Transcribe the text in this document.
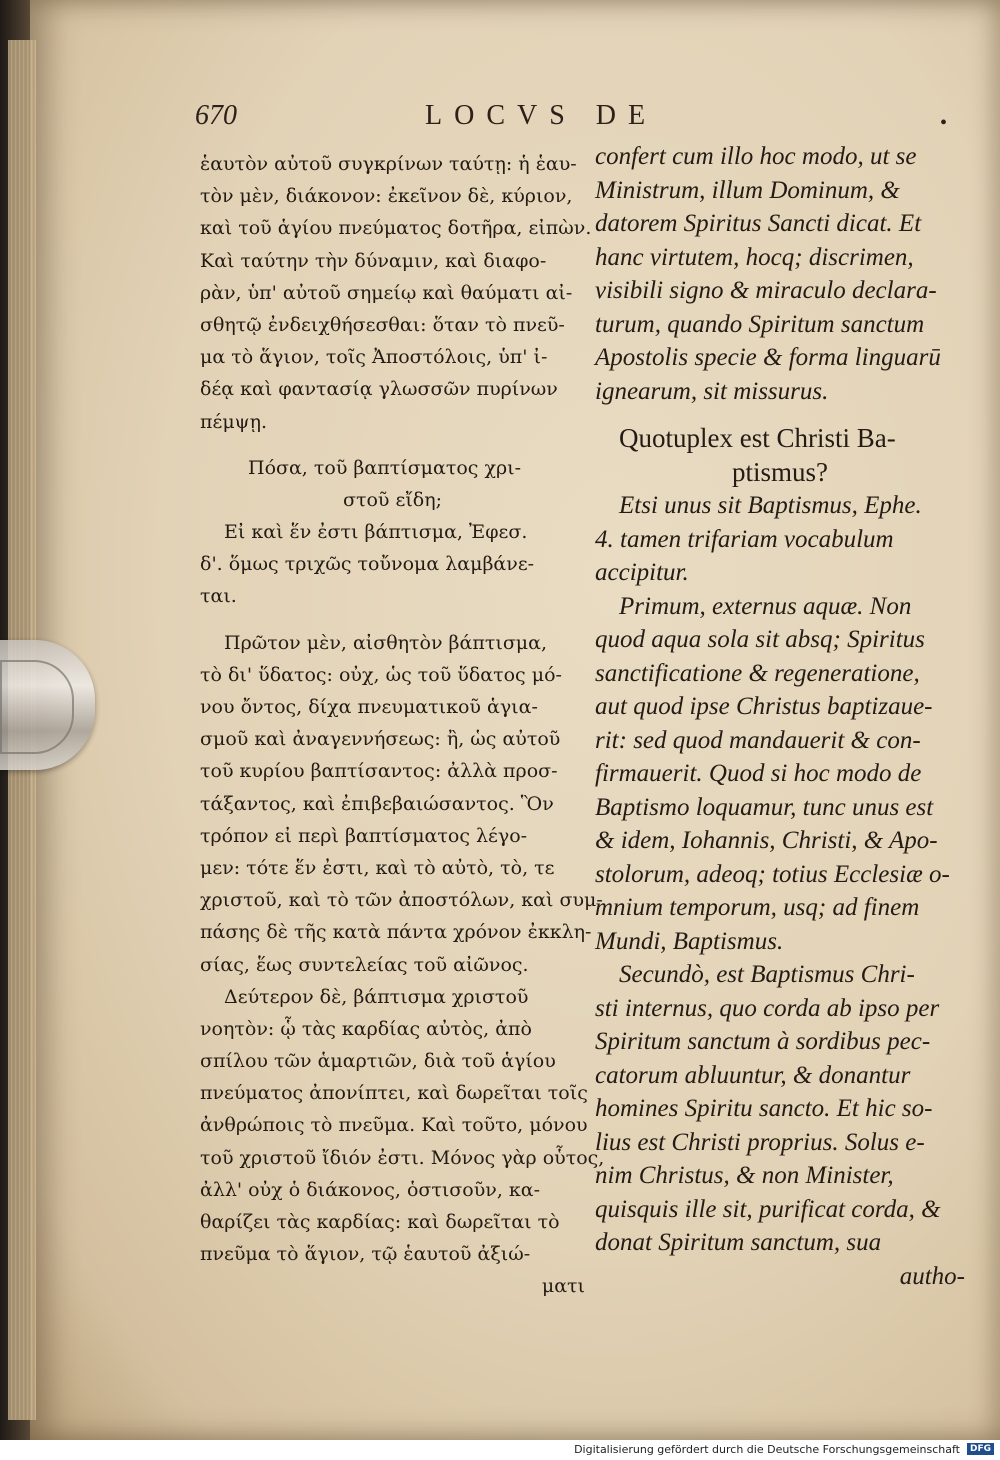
670	LOCVS DE	•
ἑαυτὸν αὐτοῦ συγκρίνων ταύτῃ: ἡ ἑαυ-
τὸν μὲν, διάκονον: ἐκεῖνον δὲ, κύριον,
καὶ τοῦ ἁγίου πνεύματος δοτῆρα, εἰπὼν.
Καὶ ταύτην τὴν δύναμιν, καὶ διαφο-
ρὰν, ὑπ' αὐτοῦ σημείῳ καὶ θαύματι αἰ-
σθητῷ ἐνδειχθήσεσθαι: ὅταν τὸ πνεῦ-
μα τὸ ἅγιον, τοῖς Ἀποστόλοις, ὑπ' ἰ-
δέᾳ καὶ φαντασίᾳ γλωσσῶν πυρίνων
πέμψῃ.
Πόσα, τοῦ βαπτίσματος χρι-
στοῦ εἴδη;
Εἰ καὶ ἕν ἐστι βάπτισμα, Ἐφεσ.
δ'. ὅμως τριχῶς τοὔνομα λαμβάνε-
ται.
Πρῶτον μὲν, αἰσθητὸν βάπτισμα,
τὸ δι' ὕδατος: οὐχ, ὡς τοῦ ὕδατος μό-
νου ὄντος, δίχα πνευματικοῦ ἁγια-
σμοῦ καὶ ἀναγεννήσεως: ἢ, ὡς αὐτοῦ
τοῦ κυρίου βαπτίσαντος: ἀλλὰ προσ-
τάξαντος, καὶ ἐπιβεβαιώσαντος. Ὃν
τρόπον εἰ περὶ βαπτίσματος λέγο-
μεν: τότε ἕν ἐστι, καὶ τὸ αὐτὸ, τὸ, τε
χριστοῦ, καὶ τὸ τῶν ἀποστόλων, καὶ συμ-
πάσης δὲ τῆς κατὰ πάντα χρόνον ἐκκλη-
σίας, ἕως συντελείας τοῦ αἰῶνος.
Δεύτερον δὲ, βάπτισμα χριστοῦ
νοητὸν: ᾧ τὰς καρδίας αὐτὸς, ἀπὸ
σπίλου τῶν ἁμαρτιῶν, διὰ τοῦ ἁγίου
πνεύματος ἀπονίπτει, καὶ δωρεῖται τοῖς
ἀνθρώποις τὸ πνεῦμα. Καὶ τοῦτο, μόνου
τοῦ χριστοῦ ἴδιόν ἐστι. Μόνος γὰρ οὗτος,
ἀλλ' οὐχ ὁ διάκονος, ὁστισοῦν, κα-
θαρίζει τὰς καρδίας: καὶ δωρεῖται τὸ
πνεῦμα τὸ ἅγιον, τῷ ἑαυτοῦ ἀξιώ-
ματι
confert cum illo hoc modo, ut se
Ministrum, illum Dominum, &
datorem Spiritus Sancti dicat. Et
hanc virtutem, hocq; discrimen,
visibili signo & miraculo declara-
turum, quando Spiritum sanctum
Apostolis specie & forma linguarū
ignearum, sit missurus.
Quotuplex est Christi Ba-
ptismus?
Etsi unus sit Baptismus, Ephe.
4. tamen trifariam vocabulum
accipitur.
Primum, externus aquæ. Non
quod aqua sola sit absq; Spiritus
sanctificatione & regeneratione,
aut quod ipse Christus baptizaue-
rit: sed quod mandauerit & con-
firmauerit. Quod si hoc modo de
Baptismo loquamur, tunc unus est
& idem, Iohannis, Christi, & Apo-
stolorum, adeoq; totius Ecclesiæ o-
mnium temporum, usq; ad finem
Mundi, Baptismus.
Secundò, est Baptismus Chri-
sti internus, quo corda ab ipso per
Spiritum sanctum à sordibus pec-
catorum abluuntur, & donantur
homines Spiritu sancto. Et hic so-
lius est Christi proprius. Solus e-
nim Christus, & non Minister,
quisquis ille sit, purificat corda, &
donat Spiritum sanctum, sua
autho-
Digitalisierung gefördert durch die Deutsche Forschungsgemeinschaft	DFG
